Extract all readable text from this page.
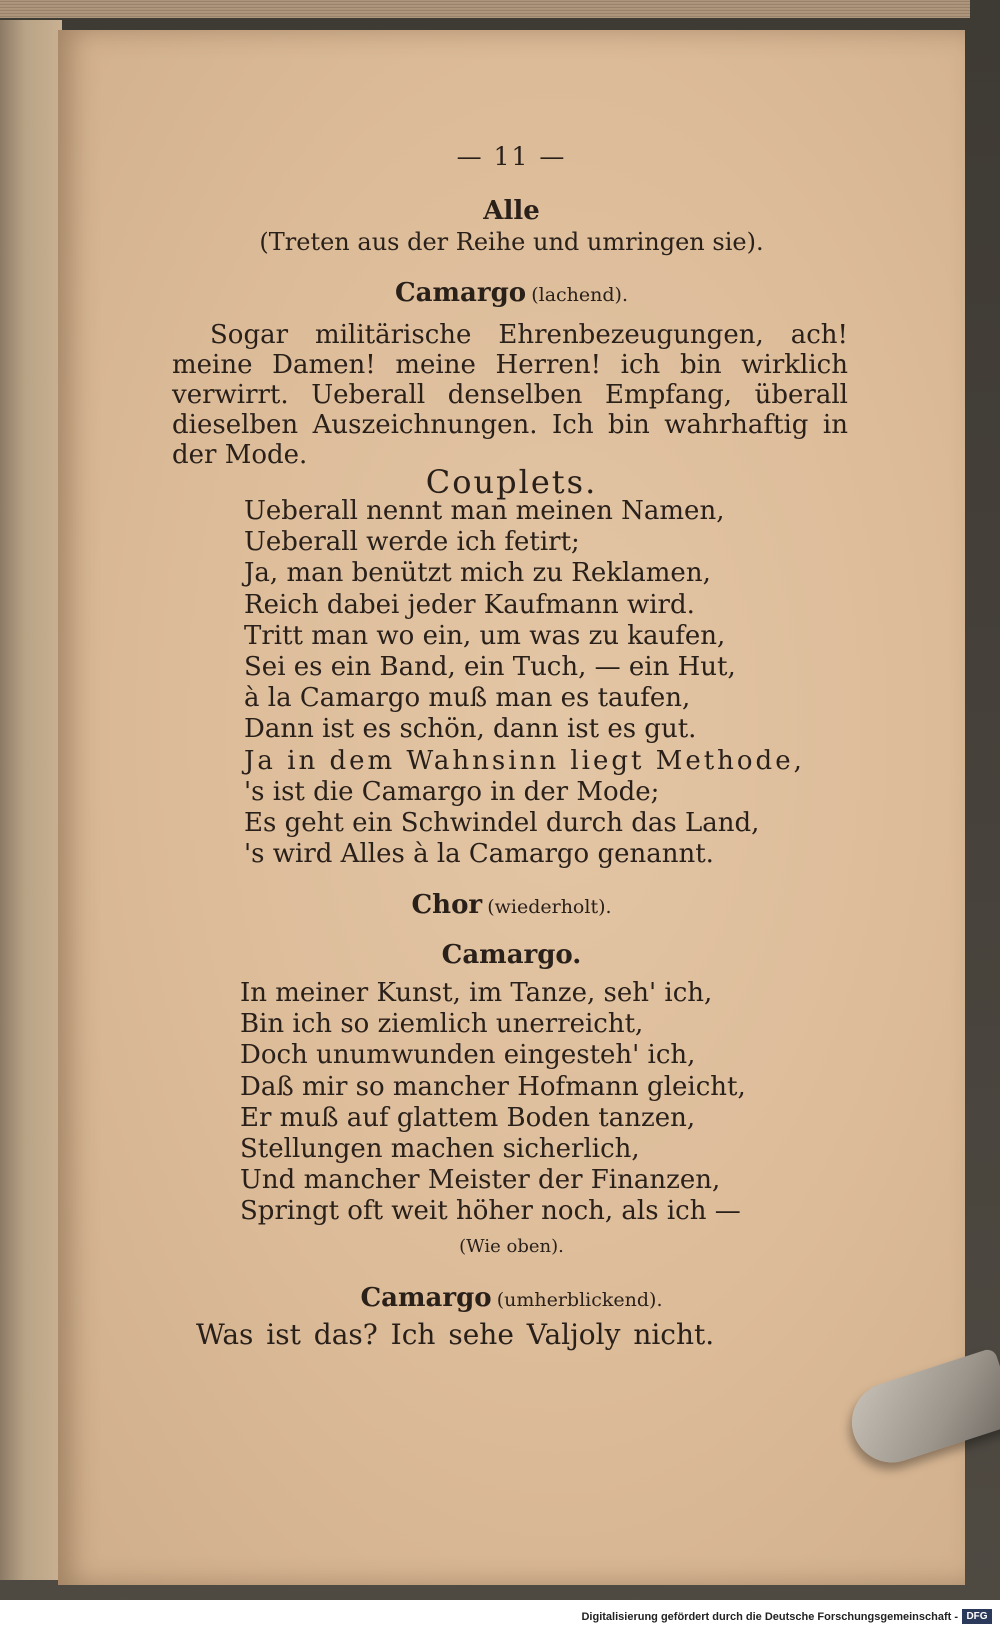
— 11 —
Alle
(Treten aus der Reihe und umringen sie).
Camargo (lachend).
Sogar militärische Ehrenbezeugungen, ach! meine Damen! meine Herren! ich bin wirklich verwirrt. Ueberall denselben Empfang, überall dieselben Auszeichnungen. Ich bin wahrhaftig in der Mode.
Couplets.
Ueberall nennt man meinen Namen,
Ueberall werde ich fetirt;
Ja, man benützt mich zu Reklamen,
Reich dabei jeder Kaufmann wird.
Tritt man wo ein, um was zu kaufen,
Sei es ein Band, ein Tuch, — ein Hut,
à la Camargo muß man es taufen,
Dann ist es schön, dann ist es gut.
Ja in dem Wahnsinn liegt Methode,
's ist die Camargo in der Mode;
Es geht ein Schwindel durch das Land,
's wird Alles à la Camargo genannt.
Chor (wiederholt).
Camargo.
In meiner Kunst, im Tanze, seh' ich,
Bin ich so ziemlich unerreicht,
Doch unumwunden eingesteh' ich,
Daß mir so mancher Hofmann gleicht,
Er muß auf glattem Boden tanzen,
Stellungen machen sicherlich,
Und mancher Meister der Finanzen,
Springt oft weit höher noch, als ich —
(Wie oben).
Camargo (umherblickend).
Was ist das? Ich sehe Valjoly nicht.
Digitalisierung gefördert durch die Deutsche Forschungsgemeinschaft - DFG
